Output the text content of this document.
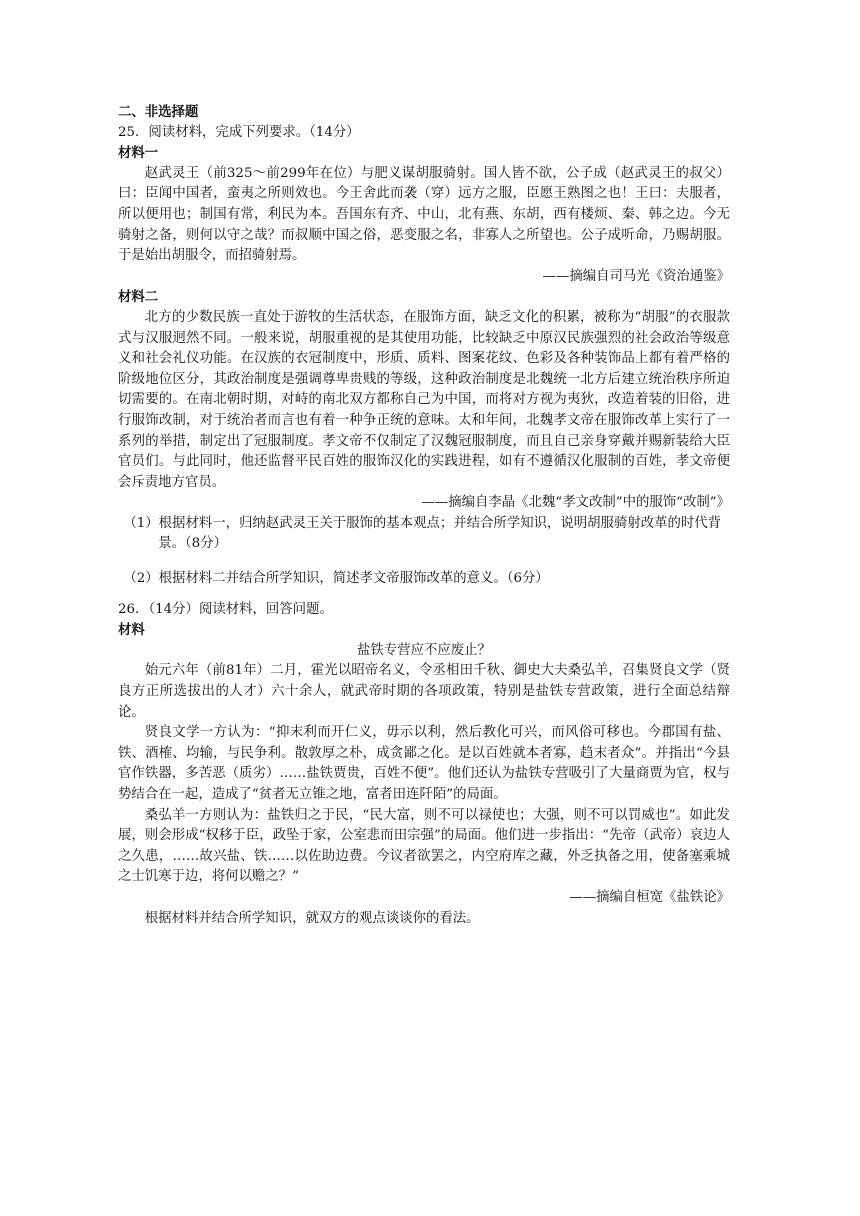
二、非选择题
25．阅读材料，完成下列要求。（14分）
材料一

赵武灵王（前325～前299年在位）与肥义谋胡服骑射。国人皆不欲，公子成（赵武灵王的叔父）曰：臣闻中国者，蛮夷之所则效也。今王舍此而袭（穿）远方之服，臣愿王熟图之也！王曰：夫服者，所以便用也；制国有常，利民为本。吾国东有齐、中山，北有燕、东胡，西有楼烦、秦、韩之边。今无骑射之备，则何以守之哉？而叔顺中国之俗，恶变服之名，非寡人之所望也。公子成听命，乃赐胡服。于是始出胡服令，而招骑射焉。

——摘编自司马光《资治通鉴》

材料二

北方的少数民族一直处于游牧的生活状态，在服饰方面，缺乏文化的积累，被称为“胡服”的衣服款式与汉服迥然不同。一般来说，胡服重视的是其使用功能，比较缺乏中原汉民族强烈的社会政治等级意义和社会礼仪功能。在汉族的衣冠制度中，形质、质料、图案花纹、色彩及各种装饰品上都有着严格的阶级地位区分，其政治制度是强调尊卑贵贱的等级，这种政治制度是北魏统一北方后建立统治秩序所迫切需要的。在南北朝时期，对峙的南北双方都称自己为中国，而将对方视为夷狄，改造着装的旧俗，进行服饰改制，对于统治者而言也有着一种争正统的意味。太和年间，北魏孝文帝在服饰改革上实行了一系列的举措，制定出了冠服制度。孝文帝不仅制定了汉魏冠服制度，而且自己亲身穿戴并赐新装给大臣官员们。与此同时，他还监督平民百姓的服饰汉化的实践进程，如有不遵循汉化服制的百姓，孝文帝便会斥责地方官员。

——摘编自李晶《北魏“孝文改制”中的服饰“改制”》

（1）根据材料一，归纳赵武灵王关于服饰的基本观点；并结合所学知识，说明胡服骑射改革的时代背景。（8分）

（2）根据材料二并结合所学知识，简述孝文帝服饰改革的意义。（6分）

26．（14分）阅读材料，回答问题。
材料

盐铁专营应不应废止？

始元六年（前81年）二月，霍光以昭帝名义，令丞相田千秋、御史大夫桑弘羊，召集贤良文学（贤良方正所选拔出的人才）六十余人，就武帝时期的各项政策，特别是盐铁专营政策，进行全面总结辩论。

贤良文学一方认为：“抑末利而开仁义，毋示以利，然后教化可兴，而风俗可移也。今郡国有盐、铁、酒榷、均输，与民争利。散敦厚之朴，成贪鄙之化。是以百姓就本者寡，趋末者众”。并指出“今县官作铁器，多苦恶（质劣）……盐铁贾贵，百姓不便”。他们还认为盐铁专营吸引了大量商贾为官，权与势结合在一起，造成了“贫者无立锥之地，富者田连阡陌”的局面。

桑弘羊一方则认为：盐铁归之于民，“民大富，则不可以禄使也；大强，则不可以罚威也”。如此发展，则会形成“权移于臣，政坠于家，公室悲而田宗强”的局面。他们进一步指出：“先帝（武帝）哀边人之久患，……故兴盐、铁……以佐助边费。今议者欲罢之，内空府库之藏，外乏执备之用，使备塞乘城之士饥寒于边，将何以赡之？”

——摘编自桓宽《盐铁论》

根据材料并结合所学知识，就双方的观点谈谈你的看法。
